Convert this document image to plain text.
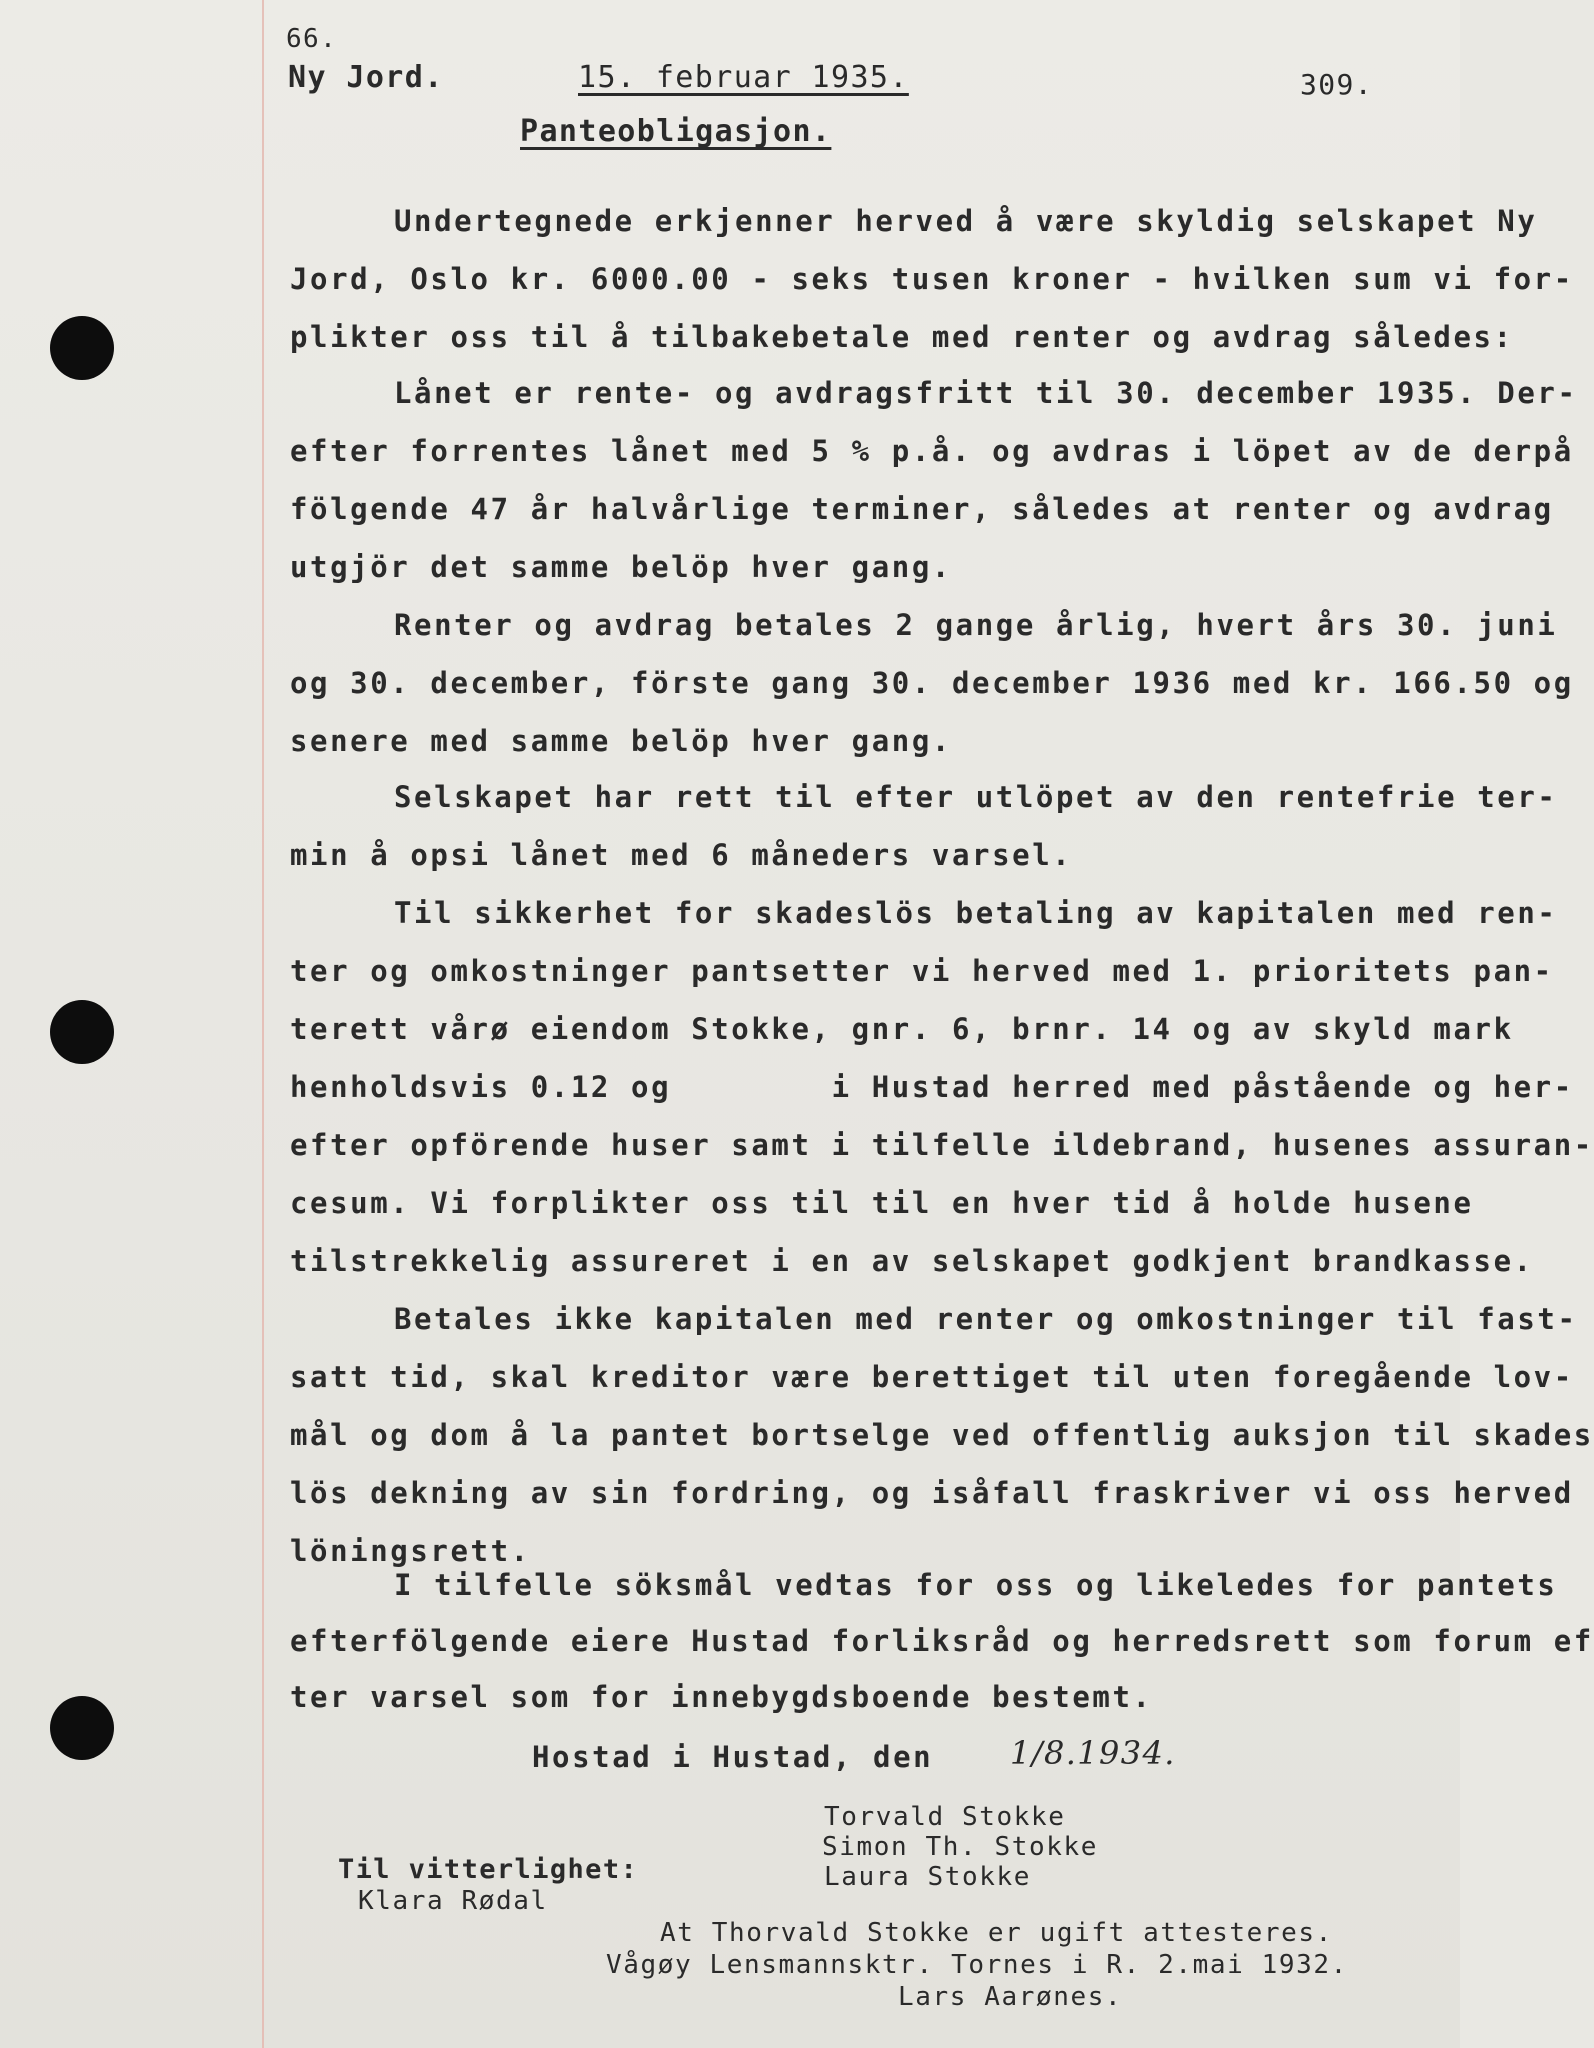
66.
Ny Jord.	15. februar 1935.	309.
Panteobligasjon.
Undertegnede erkjenner herved å være skyldig selskapet Ny
Jord, Oslo kr. 6000.00 - seks tusen kroner - hvilken sum vi for-
plikter oss til å tilbakebetale med renter og avdrag således:
Lånet er rente- og avdragsfritt til 30. december 1935. Der-
efter forrentes lånet med 5 % p.å. og avdras i löpet av de derpå
fölgende 47 år halvårlige terminer, således at renter og avdrag
utgjör det samme belöp hver gang.
Renter og avdrag betales 2 gange årlig, hvert års 30. juni
og 30. december, förste gang 30. december 1936 med kr. 166.50 og
senere med samme belöp hver gang.
Selskapet har rett til efter utlöpet av den rentefrie ter-
min å opsi lånet med 6 måneders varsel.
Til sikkerhet for skadeslös betaling av kapitalen med ren-
ter og omkostninger pantsetter vi herved med 1. prioritets pan-
terett vårø eiendom Stokke, gnr. 6, brnr. 14 og av skyld mark
henholdsvis 0.12 og        i Hustad herred med påstående og her-
efter opförende huser samt i tilfelle ildebrand, husenes assuran-
cesum. Vi forplikter oss til til en hver tid å holde husene
tilstrekkelig assureret i en av selskapet godkjent brandkasse.
Betales ikke kapitalen med renter og omkostninger til fast-
satt tid, skal kreditor være berettiget til uten foregående lov-
mål og dom å la pantet bortselge ved offentlig auksjon til skades
lös dekning av sin fordring, og isåfall fraskriver vi oss herved
löningsrett.
I tilfelle söksmål vedtas for oss og likeledes for pantets
efterfölgende eiere Hustad forliksråd og herredsrett som forum ef
ter varsel som for innebygdsboende bestemt.
Hostad i Hustad, den 1/8.1934.
Torvald Stokke
Simon Th. Stokke
Laura Stokke
Til vitterlighet:
Klara Rødal
At Thorvald Stokke er ugift attesteres.
Vågøy Lensmannsktr. Tornes i R. 2.mai 1932.
Lars Aarønes.
